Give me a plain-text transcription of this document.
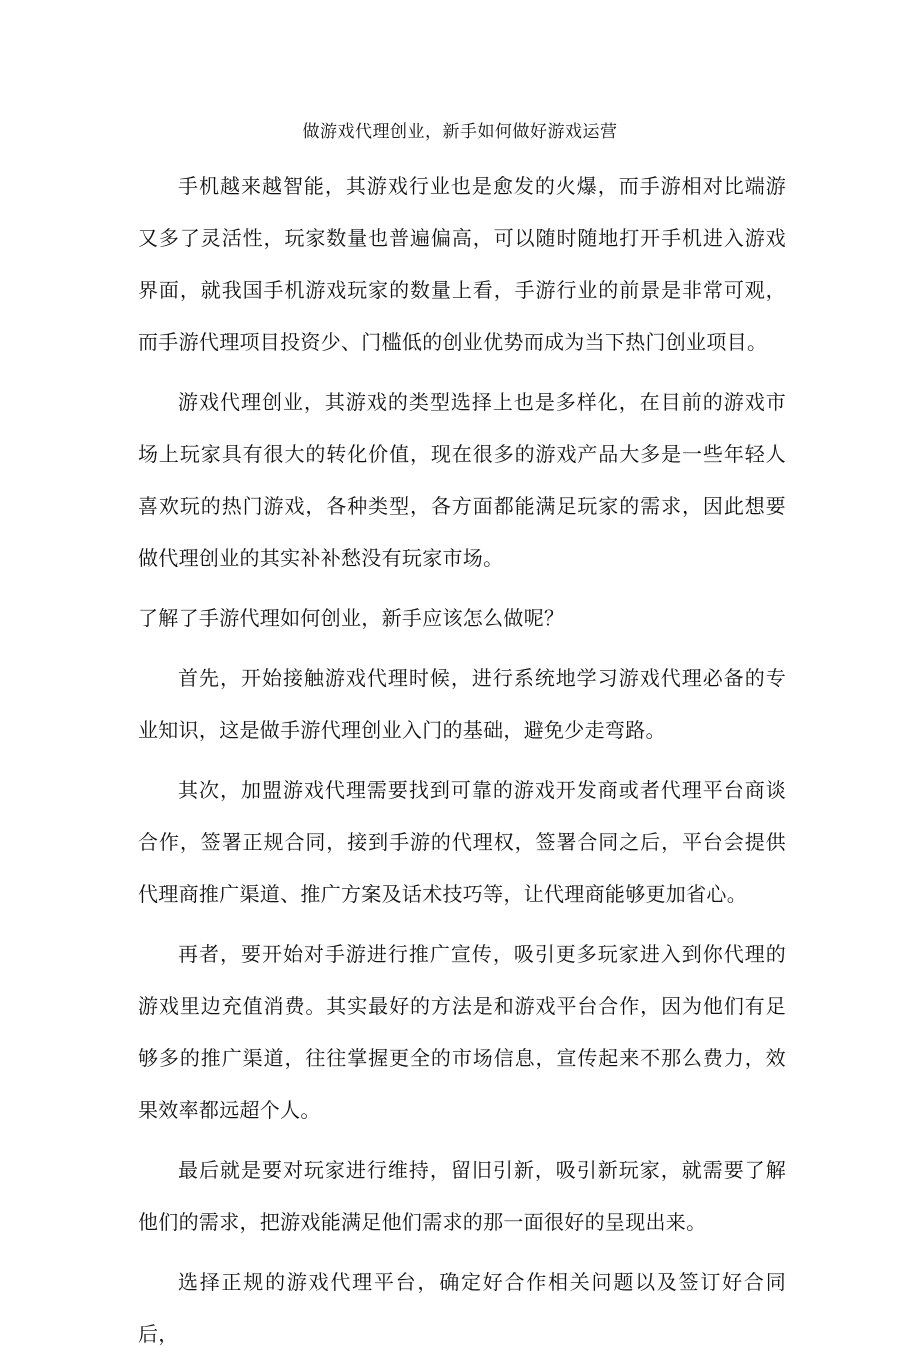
做游戏代理创业，新手如何做好游戏运营

手机越来越智能，其游戏行业也是愈发的火爆，而手游相对比端游又多了灵活性，玩家数量也普遍偏高，可以随时随地打开手机进入游戏界面，就我国手机游戏玩家的数量上看，手游行业的前景是非常可观，而手游代理项目投资少、门槛低的创业优势而成为当下热门创业项目。

游戏代理创业，其游戏的类型选择上也是多样化，在目前的游戏市场上玩家具有很大的转化价值，现在很多的游戏产品大多是一些年轻人喜欢玩的热门游戏，各种类型，各方面都能满足玩家的需求，因此想要做代理创业的其实补补愁没有玩家市场。

了解了手游代理如何创业，新手应该怎么做呢？

首先，开始接触游戏代理时候，进行系统地学习游戏代理必备的专业知识，这是做手游代理创业入门的基础，避免少走弯路。

其次，加盟游戏代理需要找到可靠的游戏开发商或者代理平台商谈合作，签署正规合同，接到手游的代理权，签署合同之后，平台会提供代理商推广渠道、推广方案及话术技巧等，让代理商能够更加省心。

再者，要开始对手游进行推广宣传，吸引更多玩家进入到你代理的游戏里边充值消费。其实最好的方法是和游戏平台合作，因为他们有足够多的推广渠道，往往掌握更全的市场信息，宣传起来不那么费力，效果效率都远超个人。

最后就是要对玩家进行维持，留旧引新，吸引新玩家，就需要了解他们的需求，把游戏能满足他们需求的那一面很好的呈现出来。

选择正规的游戏代理平台，确定好合作相关问题以及签订好合同后，
